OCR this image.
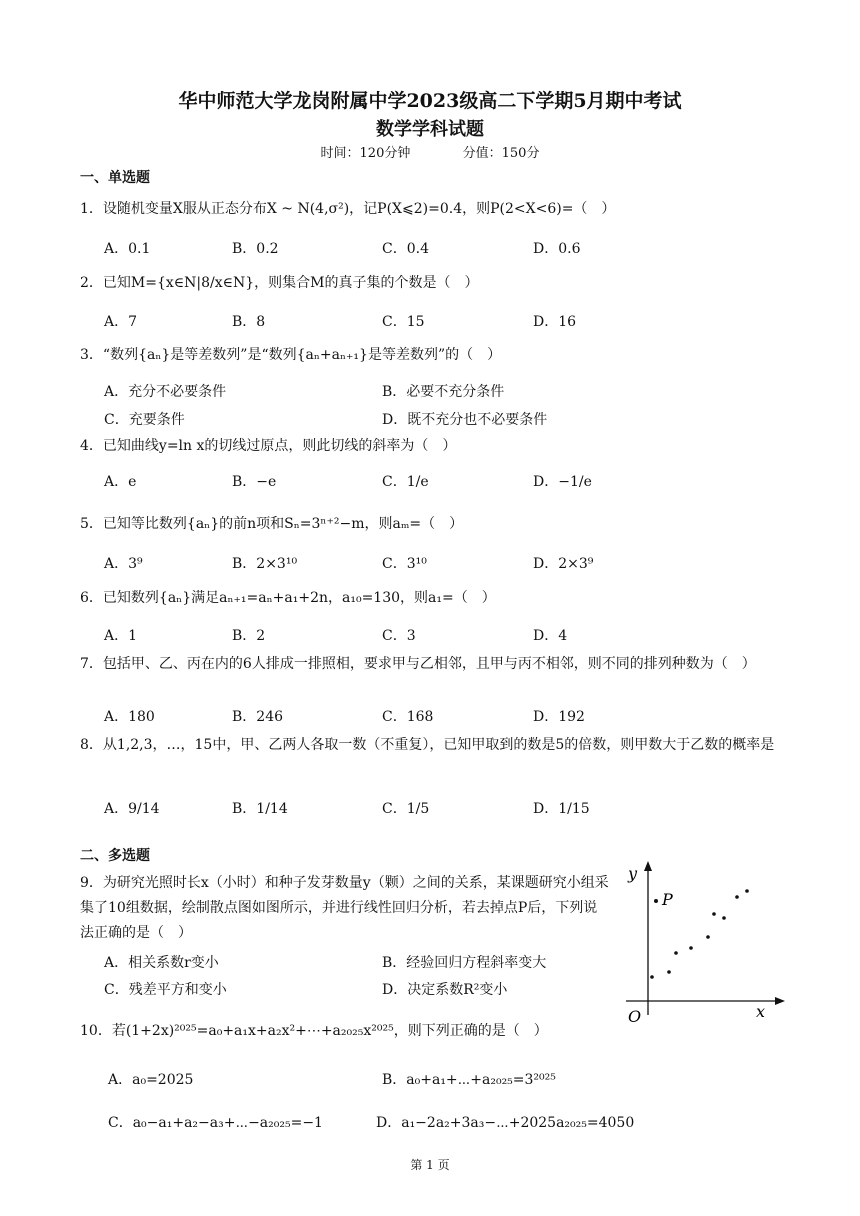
华中师范大学龙岗附属中学2023级高二下学期5月期中考试
数学学科试题
时间：120分钟	分值：150分
一、单选题
1．设随机变量X服从正态分布X ~ N(4,σ²)，记P(X⩽2)=0.4，则P(2<X<6)=（　）
A．0.1	B．0.2	C．0.4	D．0.6
2．已知M={x∈N|8/x∈N}，则集合M的真子集的个数是（　）
A．7	B．8	C．15	D．16
3．“数列{aₙ}是等差数列”是“数列{aₙ+aₙ₊₁}是等差数列”的（　）
A．充分不必要条件	B．必要不充分条件
C．充要条件	D．既不充分也不必要条件
4．已知曲线y=ln x的切线过原点，则此切线的斜率为（　）
A．e	B．−e	C．1/e	D．−1/e
5．已知等比数列{aₙ}的前n项和Sₙ=3ⁿ⁺²−m，则aₘ=（　）
A．3⁹	B．2×3¹⁰	C．3¹⁰	D．2×3⁹
6．已知数列{aₙ}满足aₙ₊₁=aₙ+a₁+2n，a₁₀=130，则a₁=（　）
A．1	B．2	C．3	D．4
7．包括甲、乙、丙在内的6人排成一排照相，要求甲与乙相邻，且甲与丙不相邻，则不同的排列种数为（　）
A．180	B．246	C．168	D．192
8．从1,2,3，…，15中，甲、乙两人各取一数（不重复），已知甲取到的数是5的倍数，则甲数大于乙数的概率是
A．9/14	B．1/14	C．1/5	D．1/15
二、多选题
9．为研究光照时长x（小时）和种子发芽数量y（颗）之间的关系，某课题研究小组采集了10组数据，绘制散点图如图所示，并进行线性回归分析，若去掉点P后，下列说法正确的是（　）
A．相关系数r变小	B．经验回归方程斜率变大
C．残差平方和变小	D．决定系数R²变小
y
x
O
P
10．若(1+2x)²⁰²⁵=a₀+a₁x+a₂x²+⋯+a₂₀₂₅x²⁰²⁵，则下列正确的是（　）
A．a₀=2025	B．a₀+a₁+⋯+a₂₀₂₅=3²⁰²⁵
C．a₀−a₁+a₂−a₃+⋯−a₂₀₂₅=−1	D．a₁−2a₂+3a₃−⋯+2025a₂₀₂₅=4050
第 1 页
